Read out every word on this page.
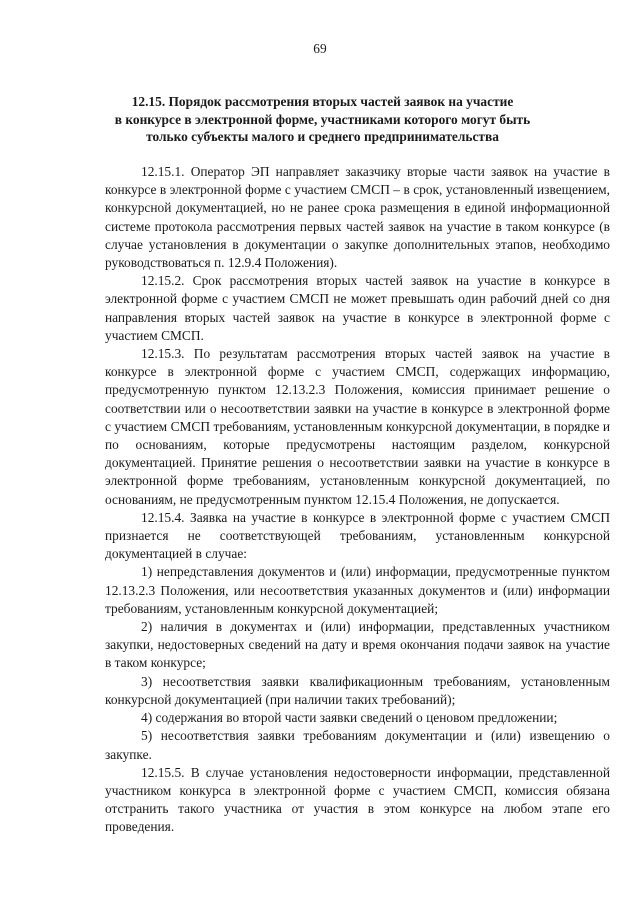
69
12.15. Порядок рассмотрения вторых частей заявок на участие
в конкурсе в электронной форме, участниками которого могут быть
только субъекты малого и среднего предпринимательства

12.15.1. Оператор ЭП направляет заказчику вторые части заявок на участие в конкурсе в электронной форме с участием СМСП – в срок, установленный извещением, конкурсной документацией, но не ранее срока размещения в единой информационной системе протокола рассмотрения первых частей заявок на участие в таком конкурсе (в случае установления в документации о закупке дополнительных этапов, необходимо руководствоваться п. 12.9.4 Положения).

12.15.2. Срок рассмотрения вторых частей заявок на участие в конкурсе в электронной форме с участием СМСП не может превышать один рабочий дней со дня направления вторых частей заявок на участие в конкурсе в электронной форме с участием СМСП.

12.15.3. По результатам рассмотрения вторых частей заявок на участие в конкурсе в электронной форме с участием СМСП, содержащих информацию, предусмотренную пунктом 12.13.2.3 Положения, комиссия принимает решение о соответствии или о несоответствии заявки на участие в конкурсе в электронной форме с участием СМСП требованиям, установленным конкурсной документации, в порядке и по основаниям, которые предусмотрены настоящим разделом, конкурсной документацией. Принятие решения о несоответствии заявки на участие в конкурсе в электронной форме требованиям, установленным конкурсной документацией, по основаниям, не предусмотренным пунктом 12.15.4 Положения, не допускается.

12.15.4. Заявка на участие в конкурсе в электронной форме с участием СМСП признается не соответствующей требованиям, установленным конкурсной документацией в случае:

1) непредставления документов и (или) информации, предусмотренные пунктом 12.13.2.3 Положения, или несоответствия указанных документов и (или) информации требованиям, установленным конкурсной документацией;

2) наличия в документах и (или) информации, представленных участником закупки, недостоверных сведений на дату и время окончания подачи заявок на участие в таком конкурсе;

3) несоответствия заявки квалификационным требованиям, установленным конкурсной документацией (при наличии таких требований);

4) содержания во второй части заявки сведений о ценовом предложении;

5) несоответствия заявки требованиям документации и (или) извещению о закупке.

12.15.5. В случае установления недостоверности информации, представленной участником конкурса в электронной форме с участием СМСП, комиссия обязана отстранить такого участника от участия в этом конкурсе на любом этапе его проведения.
